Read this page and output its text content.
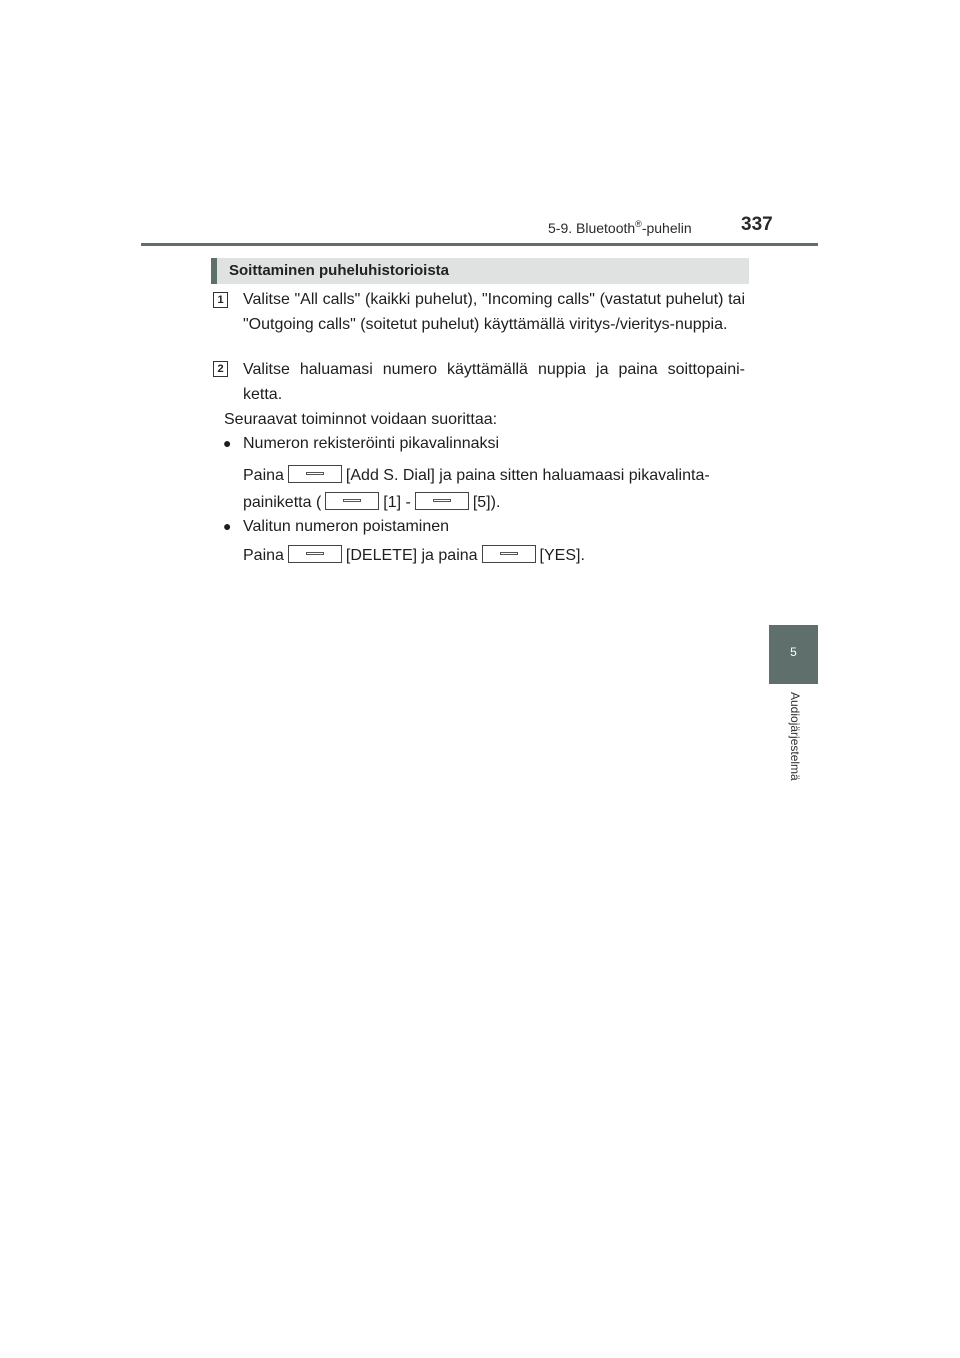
5-9. Bluetooth®-puhelin	337
Soittaminen puheluhistorioista
1 Valitse "All calls" (kaikki puhelut), "Incoming calls" (vastatut puhelut) tai "Outgoing calls" (soitetut puhelut) käyttämällä viritys-/vieritys-nuppia.
2 Valitse haluamasi numero käyttämällä nuppia ja paina soittopaini-ketta.
Seuraavat toiminnot voidaan suorittaa:
● Numeron rekisteröinti pikavalinnaksi
Paina	[Add S. Dial] ja paina sitten haluamaasi pikavalinta-
painiketta (	[1] -	[5]).
● Valitun numeron poistaminen
Paina	[DELETE] ja paina	[YES].
5
Audiojärjestelmä
